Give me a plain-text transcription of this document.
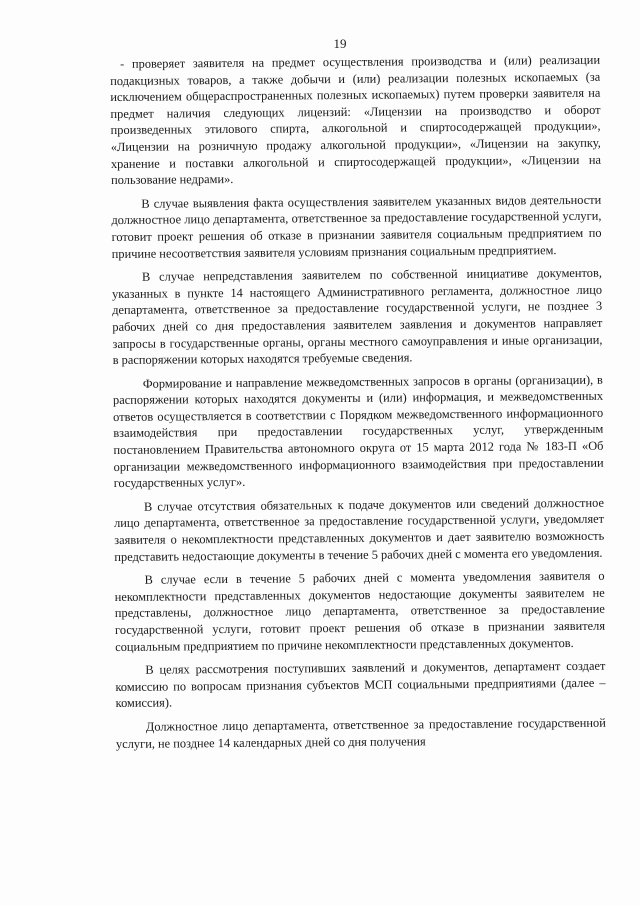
19

- проверяет заявителя на предмет осуществления производства и (или) реализации подакцизных товаров, а также добычи и (или) реализации полезных ископаемых (за исключением общераспространенных полезных ископаемых) путем проверки заявителя на предмет наличия следующих лицензий: «Лицензии на производство и оборот произведенных этилового спирта, алкогольной и спиртосодержащей продукции», «Лицензии на розничную продажу алкогольной продукции», «Лицензии на закупку, хранение и поставки алкогольной и спиртосодержащей продукции», «Лицензии на пользование недрами».

В случае выявления факта осуществления заявителем указанных видов деятельности должностное лицо департамента, ответственное за предоставление государственной услуги, готовит проект решения об отказе в признании заявителя социальным предприятием по причине несоответствия заявителя условиям признания социальным предприятием.

В случае непредставления заявителем по собственной инициативе документов, указанных в пункте 14 настоящего Административного регламента, должностное лицо департамента, ответственное за предоставление государственной услуги, не позднее 3 рабочих дней со дня предоставления заявителем заявления и документов направляет запросы в государственные органы, органы местного самоуправления и иные организации, в распоряжении которых находятся требуемые сведения.

Формирование и направление межведомственных запросов в органы (организации), в распоряжении которых находятся документы и (или) информация, и межведомственных ответов осуществляется в соответствии с Порядком межведомственного информационного взаимодействия при предоставлении государственных услуг, утвержденным постановлением Правительства автономного округа от 15 марта 2012 года № 183-П «Об организации межведомственного информационного взаимодействия при предоставлении государственных услуг».

В случае отсутствия обязательных к подаче документов или сведений должностное лицо департамента, ответственное за предоставление государственной услуги, уведомляет заявителя о некомплектности представленных документов и дает заявителю возможность представить недостающие документы в течение 5 рабочих дней с момента его уведомления.

В случае если в течение 5 рабочих дней с момента уведомления заявителя о некомплектности представленных документов недостающие документы заявителем не представлены, должностное лицо департамента, ответственное за предоставление государственной услуги, готовит проект решения об отказе в признании заявителя социальным предприятием по причине некомплектности представленных документов.

В целях рассмотрения поступивших заявлений и документов, департамент создает комиссию по вопросам признания субъектов МСП социальными предприятиями (далее – комиссия).

Должностное лицо департамента, ответственное за предоставление государственной услуги, не позднее 14 календарных дней со дня получения
